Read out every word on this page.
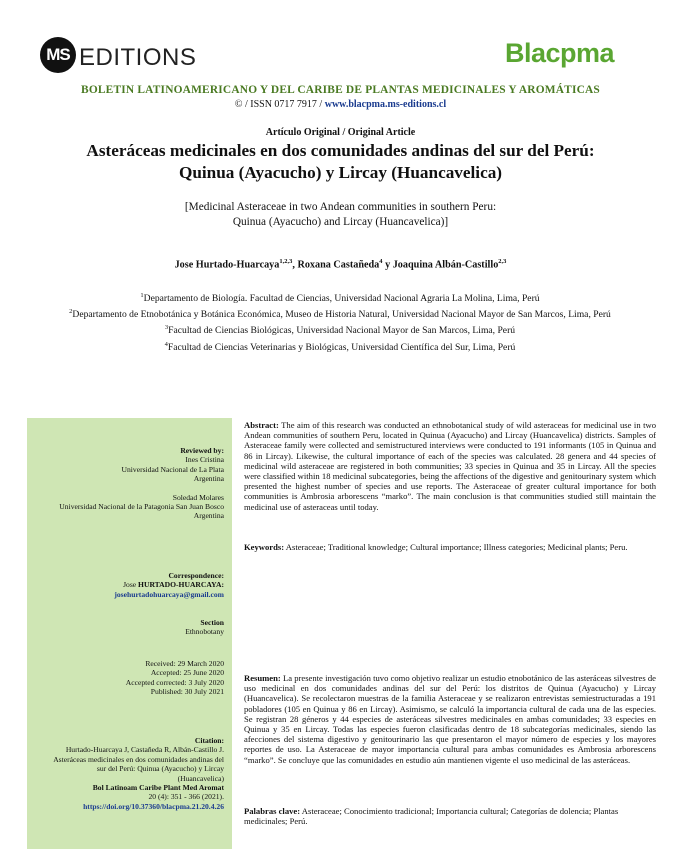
MS EDITIONS	Blacpma
BOLETIN LATINOAMERICANO Y DEL CARIBE DE PLANTAS MEDICINALES Y AROMÁTICAS
© / ISSN 0717 7917 / www.blacpma.ms-editions.cl
Artículo Original / Original Article
Asteráceas medicinales en dos comunidades andinas del sur del Perú:
Quinua (Ayacucho) y Lircay (Huancavelica)
[Medicinal Asteraceae in two Andean communities in southern Peru:
Quinua (Ayacucho) and Lircay (Huancavelica)]
Jose Hurtado-Huarcaya$^{1,2,3}$, Roxana Castañeda$^4$ y Joaquina Albán-Castillo$^{2,3}$
$^1$Departamento de Biología. Facultad de Ciencias, Universidad Nacional Agraria La Molina, Lima, Perú
$^2$Departamento de Etnobotánica y Botánica Económica, Museo de Historia Natural, Universidad Nacional Mayor de San Marcos, Lima, Perú
$^3$Facultad de Ciencias Biológicas, Universidad Nacional Mayor de San Marcos, Lima, Perú
$^4$Facultad de Ciencias Veterinarias y Biológicas, Universidad Científica del Sur, Lima, Perú
Reviewed by:
Ines Cristina
Universidad Nacional de La Plata
Argentina
Soledad Molares
Universidad Nacional de la Patagonia San Juan Bosco
Argentina
Correspondence:
Jose HURTADO-HUARCAYA:
josehurtadohuarcaya@gmail.com
Section
Ethnobotany
Received: 29 March 2020
Accepted: 25 June 2020
Accepted corrected: 3 July 2020
Published: 30 July 2021
Citation:
Hurtado-Huarcaya J, Castañeda R, Albán-Castillo J.
Asteráceas medicinales en dos comunidades andinas del
sur del Perú: Quinua (Ayacucho) y Lircay
(Huancavelica)
Bol Latinoam Caribe Plant Med Aromat
20 (4): 351 - 366 (2021).
https://doi.org/10.37360/blacpma.21.20.4.26
Abstract: The aim of this research was conducted an ethnobotanical study of wild asteraceas for medicinal use in two Andean communities of southern Peru, located in Quinua (Ayacucho) and Lircay (Huancavelica) districts. Samples of Asteraceae family were collected and semistructured interviews were conducted to 191 informants (105 in Quinua and 86 in Lircay). Likewise, the cultural importance of each of the species was calculated. 28 genera and 44 species of medicinal wild asteraceae are registered in both communities; 33 species in Quinua and 35 in Lircay. All the species were classified within 18 medicinal subcategories, being the affections of the digestive and genitourinary system which presented the highest number of species and use reports. The Asteraceae of greater cultural importance for both communities is Ambrosia arborescens “marko”. The main conclusion is that communities studied still maintain the medicinal use of asteraceas until today.
Keywords: Asteraceae; Traditional knowledge; Cultural importance; Illness categories; Medicinal plants; Peru.
Resumen: La presente investigación tuvo como objetivo realizar un estudio etnobotánico de las asteráceas silvestres de uso medicinal en dos comunidades andinas del sur del Perú: los distritos de Quinua (Ayacucho) y Lircay (Huancavelica). Se recolectaron muestras de la familia Asteraceae y se realizaron entrevistas semiestructuradas a 191 pobladores (105 en Quinua y 86 en Lircay). Asimismo, se calculó la importancia cultural de cada una de las especies. Se registran 28 géneros y 44 especies de asteráceas silvestres medicinales en ambas comunidades; 33 especies en Quinua y 35 en Lircay. Todas las especies fueron clasificadas dentro de 18 subcategorías medicinales, siendo las afecciones del sistema digestivo y genitourinario las que presentaron el mayor número de especies y los mayores reportes de uso. La Asteraceae de mayor importancia cultural para ambas comunidades es Ambrosia arborescens “marko”. Se concluye que las comunidades en estudio aún mantienen vigente el uso medicinal de las asteráceas.
Palabras clave: Asteraceae; Conocimiento tradicional; Importancia cultural; Categorías de dolencia; Plantas medicinales; Perú.
